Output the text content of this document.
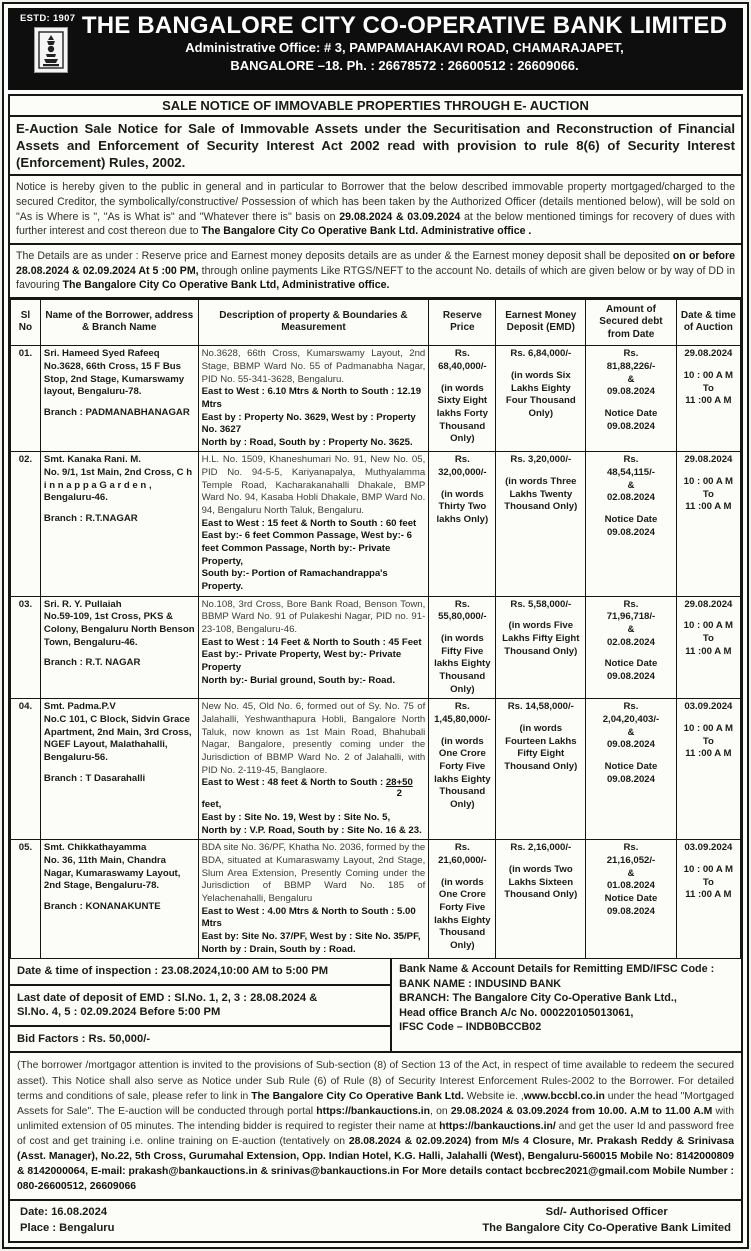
ESTD: 1907 THE BANGALORE CITY CO-OPERATIVE BANK LIMITED
Administrative Office: # 3, PAMPAMAHAKAVI ROAD, CHAMARAJAPET,
BANGALORE –18. Ph. : 26678572 : 26600512 : 26609066.
SALE NOTICE OF IMMOVABLE PROPERTIES THROUGH E- AUCTION
E-Auction Sale Notice for Sale of Immovable Assets under the Securitisation and Reconstruction of Financial Assets and Enforcement of Security Interest Act 2002 read with provision to rule 8(6) of Security Interest (Enforcement) Rules, 2002.
Notice is hereby given to the public in general and in particular to Borrower that the below described immovable property mortgaged/charged to the secured Creditor, the symbolically/constructive/ Possession of which has been taken by the Authorized Officer (details mentioned below), will be sold on "As is Where is ", "As is What is" and "Whatever there is" basis on 29.08.2024 & 03.09.2024 at the below mentioned timings for recovery of dues with further interest and cost thereon due to The Bangalore City Co Operative Bank Ltd. Administrative office .
The Details are as under : Reserve price and Earnest money deposits details are as under & the Earnest money deposit shall be deposited on or before 28.08.2024 & 02.09.2024 At 5 :00 PM, through online payments Like RTGS/NEFT to the account No. details of which are given below or by way of DD in favouring The Bangalore City Co Operative Bank Ltd, Administrative office.
Sl No	Name of the Borrower, address & Branch Name	Description of property & Boundaries & Measurement	Reserve Price	Earnest Money Deposit (EMD)	Amount of Secured debt from Date	Date & time of Auction
01.	Sri. Hameed Syed Rafeeq
No.3628, 66th Cross, 15 F Bus Stop, 2nd Stage, Kumarswamy layout, Bengaluru-78.
Branch : PADMANABHANAGAR

No.3628, 66th Cross, Kumarswamy Layout, 2nd Stage, BBMP Ward No. 55 of Padmanabha Nagar, PID No. 55-341-3628, Bengaluru.
East to West : 6.10 Mtrs & North to South : 12.19 Mtrs
East by : Property No. 3629, West by : Property No. 3627
North by : Road, South by : Property No. 3625.

Rs.
68,40,000/-
(in words Sixty Eight lakhs Forty Thousand Only)

Rs. 6,84,000/-
(in words Six Lakhs Eighty Four Thousand Only)

Rs.
81,88,226/-
&
09.08.2024
Notice Date
09.08.2024

29.08.2024
10 : 00 A M
To
11 :00 A M

02.	Smt. Kanaka Rani. M.
No. 9/1, 1st Main, 2nd Cross, C h i n n a p p a G a r d e n , Bengaluru-46.
Branch : R.T.NAGAR

H.L. No. 1509, Khaneshumari No. 91, New No. 05, PID No. 94-5-5, Kariyanapalya, Muthyalamma Temple Road, Kacharakanahalli Dhakale, BMP Ward No. 94, Kasaba Hobli Dhakale, BMP Ward No. 94, Bengaluru North Taluk, Bengaluru.
East to West : 15 feet & North to South : 60 feet
East by:- 6 feet Common Passage, West by:- 6 feet Common Passage, North by:- Private Property,
South by:- Portion of Ramachandrappa's Property.

Rs.
32,00,000/-
(in words Thirty Two lakhs Only)

Rs. 3,20,000/-
(in words Three Lakhs Twenty Thousand Only)

Rs.
48,54,115/-
&
02.08.2024
Notice Date
09.08.2024

29.08.2024
10 : 00 A M
To
11 :00 A M

03.	Sri. R. Y. Pullaiah
No.59-109, 1st Cross, PKS & Colony, Bengaluru North Benson Town, Bengaluru-46.
Branch : R.T. NAGAR

No.108, 3rd Cross, Bore Bank Road, Benson Town, BBMP Ward No. 91 of Pulakeshi Nagar, PID no. 91-23-108, Bengaluru-46.
East to West : 14 Feet & North to South : 45 Feet
East by:- Private Property, West by:- Private Property
North by:- Burial ground, South by:- Road.

Rs.
55,80,000/-
(in words Fifty Five lakhs Eighty Thousand Only)

Rs. 5,58,000/-
(in words Five Lakhs Fifty Eight Thousand Only)

Rs.
71,96,718/-
&
02.08.2024
Notice Date
09.08.2024

29.08.2024
10 : 00 A M
To
11 :00 A M

04.	Smt. Padma.P.V
No.C 101, C Block, Sidvin Grace Apartment, 2nd Main, 3rd Cross, NGEF Layout, Malathahalli, Bengaluru-56.
Branch : T Dasarahalli

New No. 45, Old No. 6, formed out of Sy. No. 75 of Jalahalli, Yeshwanthapura Hobli, Bangalore North Taluk, now known as 1st Main Road, Bhahubali Nagar, Bangalore, presently coming under the Jurisdiction of BBMP Ward No. 2 of Jalahalli, with PID No. 2-119-45, Banglaore.
East to West : 48 feet & North to South : $\frac{28+50}{2}$
feet,
East by : Site No. 19, West by : Site No. 5,
North by : V.P. Road, South by : Site No. 16 & 23.

Rs.
1,45,80,000/-
(in words One Crore Forty Five lakhs Eighty Thousand Only)

Rs. 14,58,000/-
(in words Fourteen Lakhs Fifty Eight Thousand Only)

Rs.
2,04,20,403/-
&
09.08.2024
Notice Date
09.08.2024

03.09.2024
10 : 00 A M
To
11 :00 A M

05.	Smt. Chikkathayamma
No. 36, 11th Main, Chandra Nagar, Kumaraswamy Layout, 2nd Stage, Bengaluru-78.
Branch : KONANAKUNTE

BDA site No. 36/PF, Khatha No. 2036, formed by the BDA, situated at Kumaraswamy Layout, 2nd Stage, Slum Area Extension, Presently Coming under the Jurisdiction of BBMP Ward No. 185 of Yelachenahalli, Bengaluru
East to West : 4.00 Mtrs & North to South : 5.00 Mtrs
East by: Site No. 37/PF, West by : Site No. 35/PF,
North by : Drain, South by : Road.

Rs.
21,60,000/-
(in words One Crore Forty Five lakhs Eighty Thousand Only)

Rs. 2,16,000/-
(in words Two Lakhs Sixteen Thousand Only)

Rs.
21,16,052/-
&
01.08.2024
Notice Date
09.08.2024

03.09.2024
10 : 00 A M
To
11 :00 A M
Date & time of inspection : 23.08.2024,10:00 AM to 5:00 PM
Last date of deposit of EMD : Sl.No. 1, 2, 3 : 28.08.2024 &
Sl.No. 4, 5 : 02.09.2024 Before 5:00 PM
Bid Factors : Rs. 50,000/-
Bank Name & Account Details for Remitting EMD/IFSC Code :
BANK NAME : INDUSIND BANK
BRANCH: The Bangalore City Co-Operative Bank Ltd.,
Head office Branch A/c No. 000220105013061,
IFSC Code – INDB0BCCB02
(The borrower /mortgagor attention is invited to the provisions of Sub-section (8) of Section 13 of the Act, in respect of time available to redeem the secured asset). This Notice shall also serve as Notice under Sub Rule (6) of Rule (8) of Security Interest Enforcement Rules-2002 to the Borrower. For detailed terms and conditions of sale, please refer to link in The Bangalore City Co Operative Bank Ltd. Website ie. ,www.bccbl.co.in under the head "Mortgaged Assets for Sale". The E-auction will be conducted through portal https://bankauctions.in, on 29.08.2024 & 03.09.2024 from 10.00. A.M to 11.00 A.M with unlimited extension of 05 minutes. The intending bidder is required to register their name at https://bankauctions.in/ and get the user Id and password free of cost and get training i.e. online training on E-auction (tentatively on 28.08.2024 & 02.09.2024) from M/s 4 Closure, Mr. Prakash Reddy & Srinivasa (Asst. Manager), No.22, 5th Cross, Gurumahal Extension, Opp. Indian Hotel, K.G. Halli, Jalahalli (West), Bengaluru-560015 Mobile No: 8142000809 & 8142000064, E-mail: prakash@bankauctions.in & srinivas@bankauctions.in For More details contact bccbrec2021@gmail.com Mobile Number : 080-26600512, 26609066
Date: 16.08.2024
Place : Bengaluru
Sd/- Authorised Officer
The Bangalore City Co-Operative Bank Limited
